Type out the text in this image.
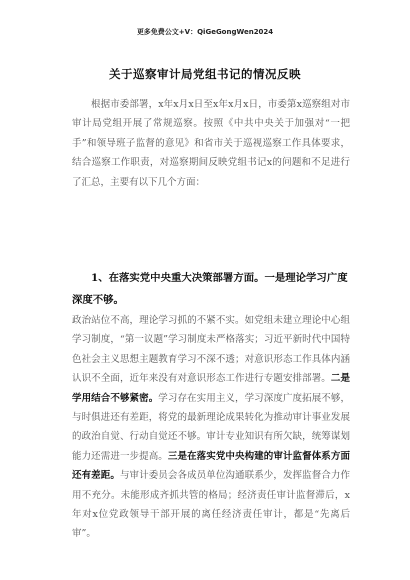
更多免费公文+V：QiGeGongWen2024
关于巡察审计局党组书记的情况反映
根据市委部署，x年x月x日至x年x月x日，市委第x巡察组对市审计局党组开展了常规巡察。按照《中共中央关于加强对“一把手”和领导班子监督的意见》和省市关于巡视巡察工作具体要求，结合巡察工作职责，对巡察期间反映党组书记x的问题和不足进行了汇总，主要有以下几个方面：
1、在落实党中央重大决策部署方面。一是理论学习广度深度不够。
政治站位不高，理论学习抓的不紧不实。如党组未建立理论中心组学习制度，“第一议题”学习制度未严格落实；习近平新时代中国特色社会主义思想主题教育学习不深不透；对意识形态工作具体内涵认识不全面，近年来没有对意识形态工作进行专题安排部署。二是学用结合不够紧密。学习存在实用主义，学习深度广度拓展不够，与时俱进还有差距，将党的最新理论成果转化为推动审计事业发展的政治自觉、行动自觉还不够。审计专业知识有所欠缺，统筹谋划能力还需进一步提高。三是在落实党中央构建的审计监督体系方面还有差距。与审计委员会各成员单位沟通联系少，发挥监督合力作用不充分。未能形成齐抓共管的格局；经济责任审计监督滞后，x年对x位党政领导干部开展的离任经济责任审计，都是“先离后审”。
